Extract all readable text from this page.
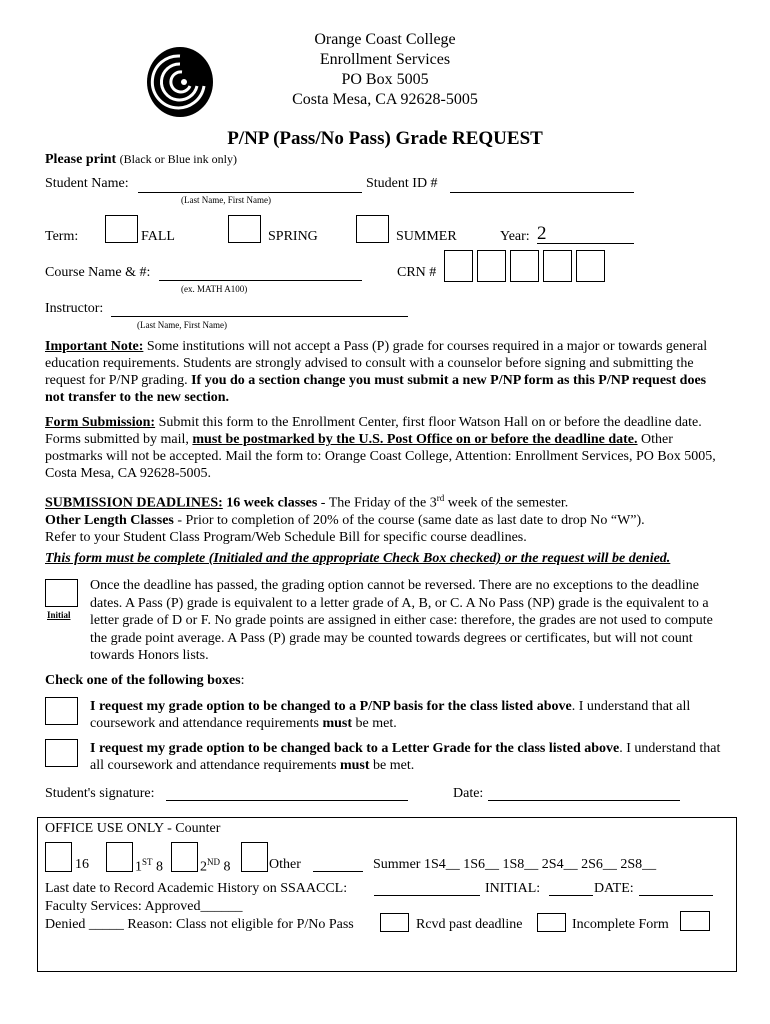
Orange Coast College
Enrollment Services
PO Box 5005
Costa Mesa, CA 92628-5005
P/NP (Pass/No Pass) Grade REQUEST
Please print (Black or Blue ink only)
Student Name:
(Last Name, First Name)
Student ID #
Term:	FALL	SPRING	SUMMER	Year: 2
Course Name & #:
(ex. MATH A100)
CRN #
Instructor:
(Last Name, First Name)
Important Note: Some institutions will not accept a Pass (P) grade for courses required in a major or towards general education requirements. Students are strongly advised to consult with a counselor before signing and submitting the request for P/NP grading. If you do a section change you must submit a new P/NP form as this P/NP request does not transfer to the new section.
Form Submission: Submit this form to the Enrollment Center, first floor Watson Hall on or before the deadline date. Forms submitted by mail, must be postmarked by the U.S. Post Office on or before the deadline date. Other postmarks will not be accepted. Mail the form to: Orange Coast College, Attention: Enrollment Services, PO Box 5005, Costa Mesa, CA 92628-5005.
SUBMISSION DEADLINES: 16 week classes - The Friday of the 3rd week of the semester.
Other Length Classes - Prior to completion of 20% of the course (same date as last date to drop No “W”).
Refer to your Student Class Program/Web Schedule Bill for specific course deadlines.
This form must be complete (Initialed and the appropriate Check Box checked) or the request will be denied.
Initial
Once the deadline has passed, the grading option cannot be reversed. There are no exceptions to the deadline dates. A Pass (P) grade is equivalent to a letter grade of A, B, or C. A No Pass (NP) grade is the equivalent to a letter grade of D or F. No grade points are assigned in either case: therefore, the grades are not used to compute the grade point average. A Pass (P) grade may be counted towards degrees or certificates, but will not count towards Honors lists.
Check one of the following boxes:
I request my grade option to be changed to a P/NP basis for the class listed above. I understand that all coursework and attendance requirements must be met.
I request my grade option to be changed back to a Letter Grade for the class listed above. I understand that all coursework and attendance requirements must be met.
Student's signature:	Date:
OFFICE USE ONLY - Counter
16	1ST 8	2ND 8	Other	Summer 1S4__ 1S6__ 1S8__ 2S4__ 2S6__ 2S8__
Last date to Record Academic History on SSAACCL:	INITIAL:	DATE:
Faculty Services: Approved______
Denied _____ Reason: Class not eligible for P/No Pass	Rcvd past deadline	Incomplete Form
